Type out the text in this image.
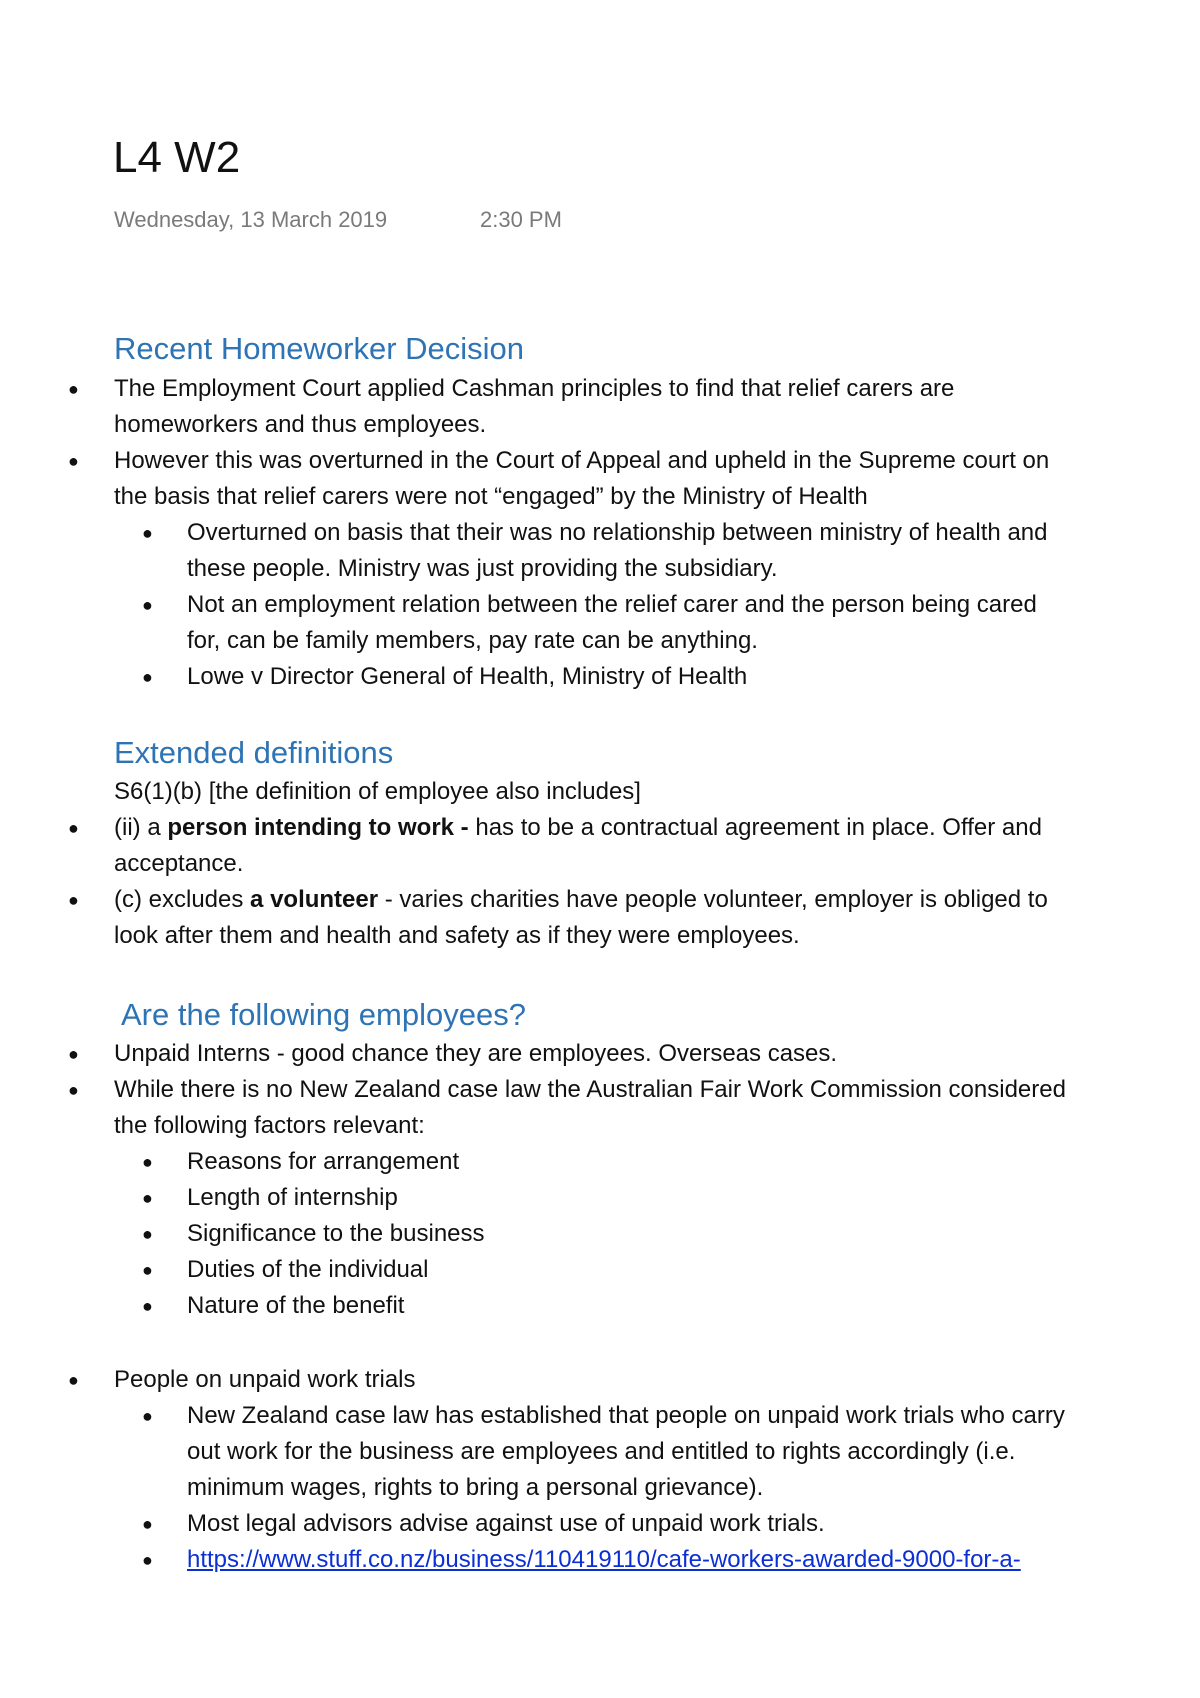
L4 W2
Wednesday, 13 March 2019	2:30 PM
Recent Homeworker Decision
● The Employment Court applied Cashman principles to find that relief carers are
homeworkers and thus employees.
● However this was overturned in the Court of Appeal and upheld in the Supreme court on
the basis that relief carers were not “engaged” by the Ministry of Health
● Overturned on basis that their was no relationship between ministry of health and
these people. Ministry was just providing the subsidiary.
● Not an employment relation between the relief carer and the person being cared
for, can be family members, pay rate can be anything.
● Lowe v Director General of Health, Ministry of Health
Extended definitions
S6(1)(b) [the definition of employee also includes]
● (ii) a person intending to work - has to be a contractual agreement in place. Offer and
acceptance.
● (c) excludes a volunteer - varies charities have people volunteer, employer is obliged to
look after them and health and safety as if they were employees.
Are the following employees?
● Unpaid Interns - good chance they are employees. Overseas cases.
● While there is no New Zealand case law the Australian Fair Work Commission considered
the following factors relevant:
● Reasons for arrangement
● Length of internship
● Significance to the business
● Duties of the individual
● Nature of the benefit
● People on unpaid work trials
● New Zealand case law has established that people on unpaid work trials who carry
out work for the business are employees and entitled to rights accordingly (i.e.
minimum wages, rights to bring a personal grievance).
● Most legal advisors advise against use of unpaid work trials.
● https://www.stuff.co.nz/business/110419110/cafe-workers-awarded-9000-for-a-
